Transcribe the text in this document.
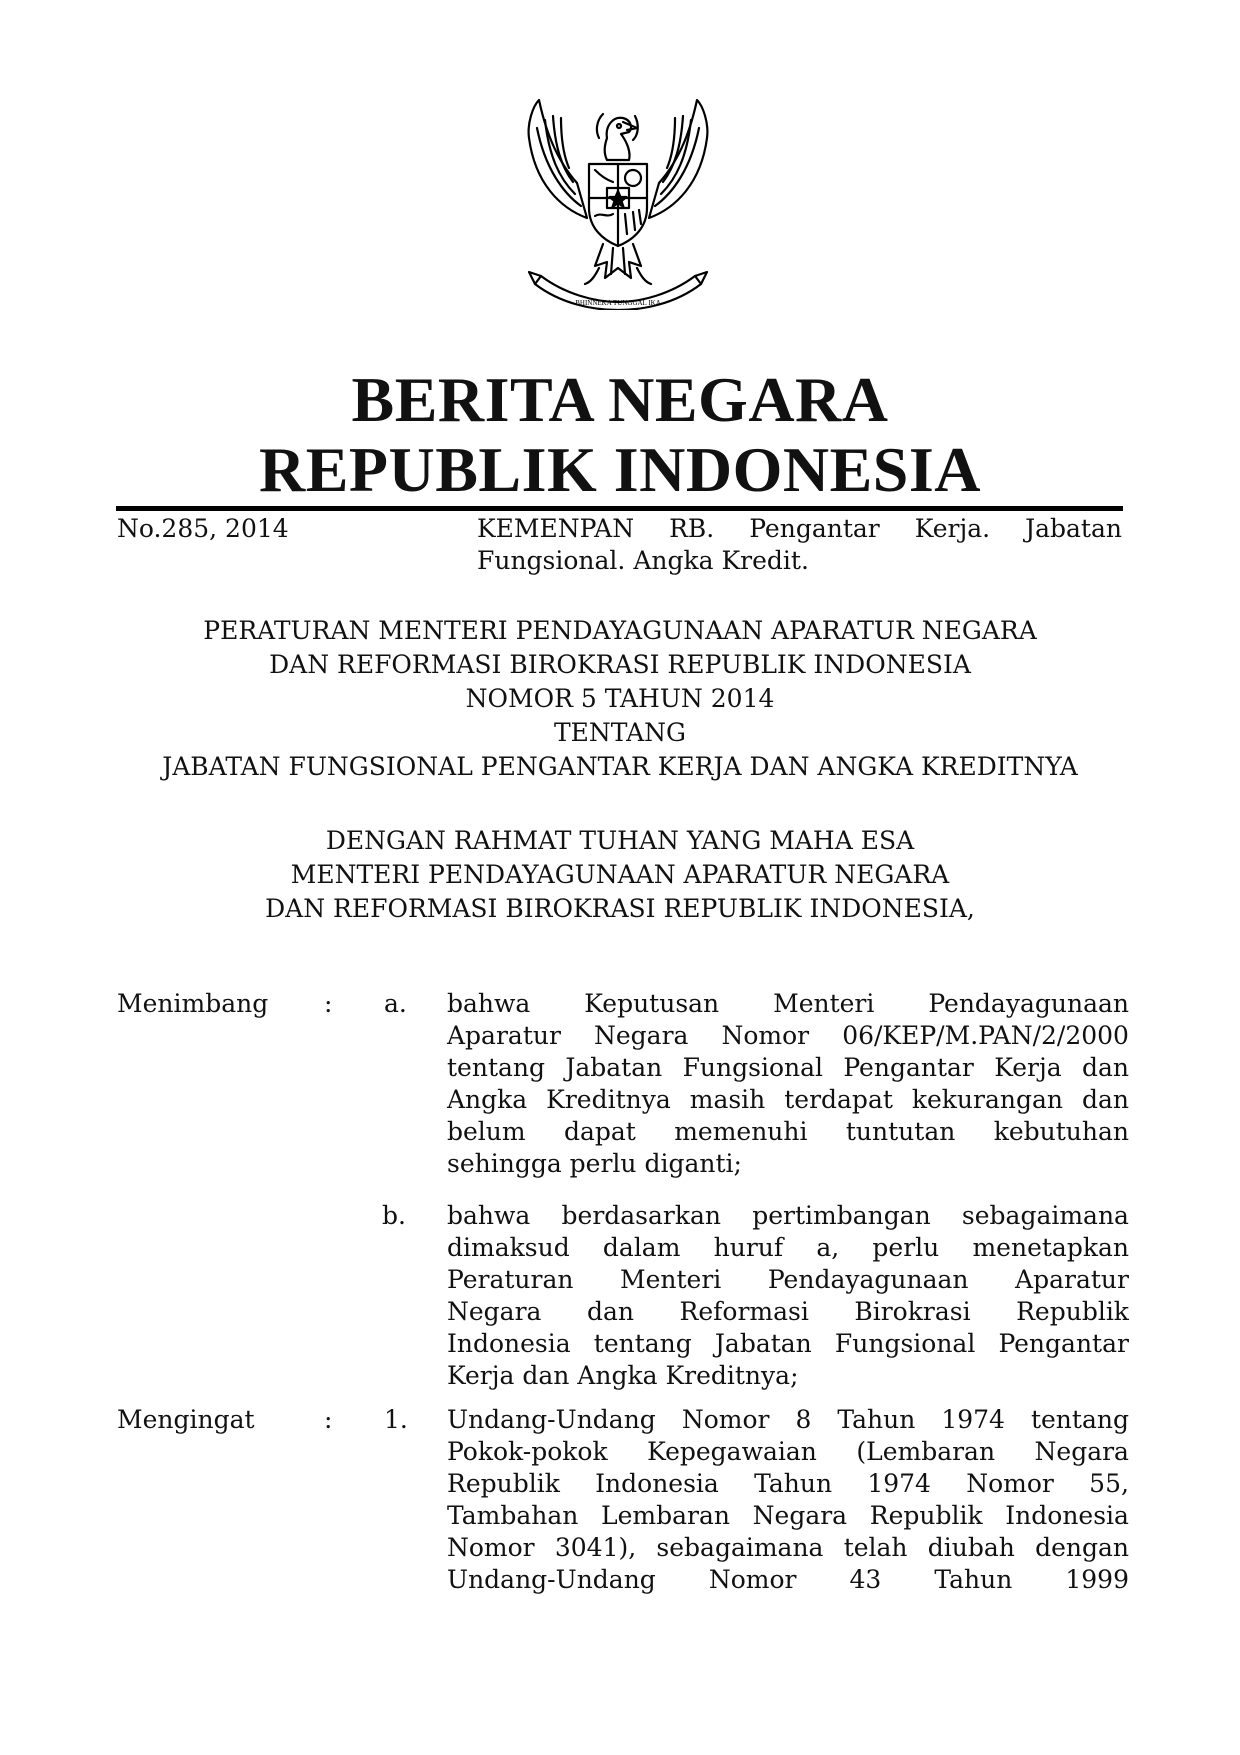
BHINNEKA TUNGGAL IKA
BERITA NEGARA
REPUBLIK INDONESIA
No.285, 2014	KEMENPAN RB. Pengantar Kerja. Jabatan
Fungsional. Angka Kredit.
PERATURAN MENTERI PENDAYAGUNAAN APARATUR NEGARA
DAN REFORMASI BIROKRASI REPUBLIK INDONESIA
NOMOR 5 TAHUN 2014
TENTANG
JABATAN FUNGSIONAL PENGANTAR KERJA DAN ANGKA KREDITNYA
DENGAN RAHMAT TUHAN YANG MAHA ESA
MENTERI PENDAYAGUNAAN APARATUR NEGARA
DAN REFORMASI BIROKRASI REPUBLIK INDONESIA,
Menimbang : a. bahwa Keputusan Menteri Pendayagunaan
Aparatur Negara Nomor 06/KEP/M.PAN/2/2000
tentang Jabatan Fungsional Pengantar Kerja dan
Angka Kreditnya masih terdapat kekurangan dan
belum dapat memenuhi tuntutan kebutuhan
sehingga perlu diganti;
b. bahwa berdasarkan pertimbangan sebagaimana
dimaksud dalam huruf a, perlu menetapkan
Peraturan Menteri Pendayagunaan Aparatur
Negara dan Reformasi Birokrasi Republik
Indonesia tentang Jabatan Fungsional Pengantar
Kerja dan Angka Kreditnya;
Mengingat	: 1. Undang-Undang Nomor 8 Tahun 1974 tentang
Pokok-pokok Kepegawaian (Lembaran Negara
Republik Indonesia Tahun 1974 Nomor 55,
Tambahan Lembaran Negara Republik Indonesia
Nomor 3041), sebagaimana telah diubah dengan
Undang-Undang Nomor 43 Tahun 1999
